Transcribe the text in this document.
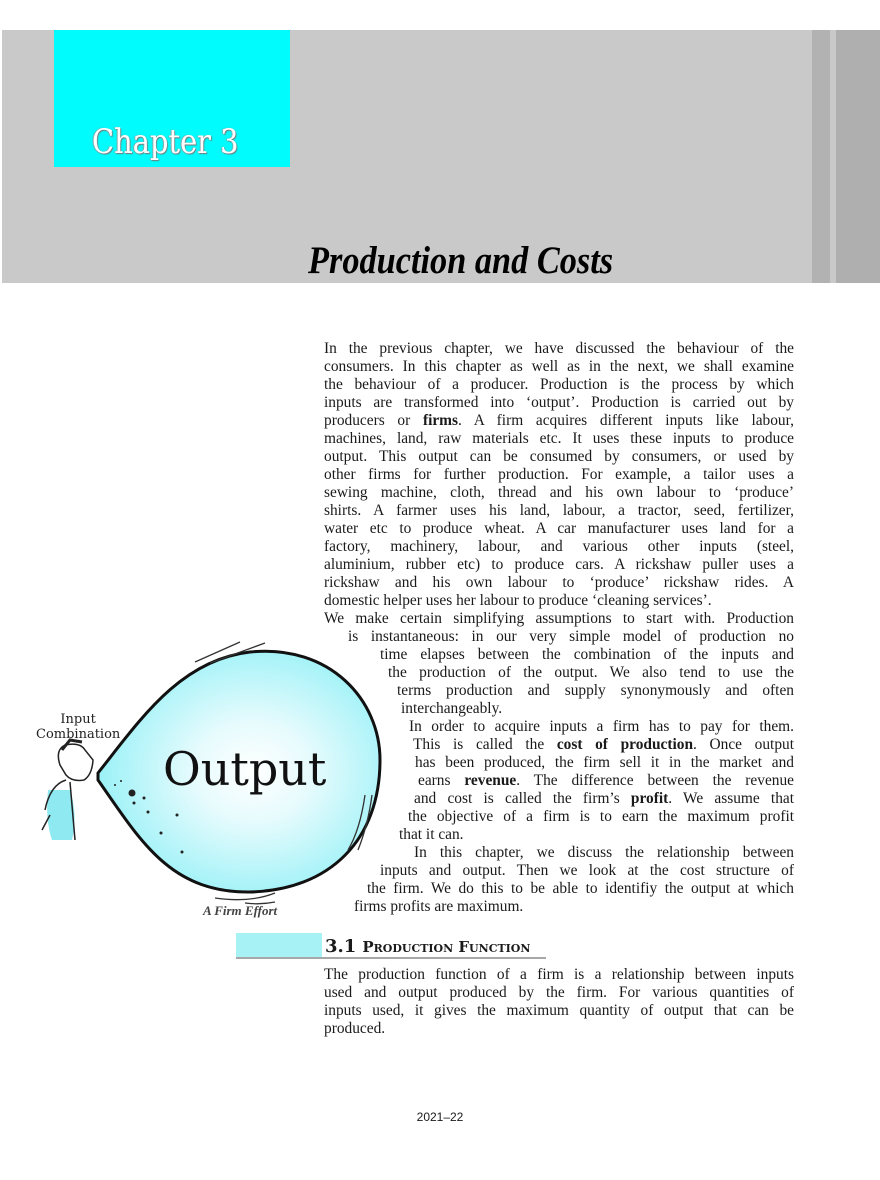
Chapter 3
Production and Costs
Input
Combination
Output
A Firm Effort
In the previous chapter, we have discussed the behaviour of the
consumers. In this chapter as well as in the next, we shall examine
the behaviour of a producer. Production is the process by which
inputs are transformed into ‘output’. Production is carried out by
producers or firms. A firm acquires different inputs like labour,
machines, land, raw materials etc. It uses these inputs to produce
output. This output can be consumed by consumers, or used by
other firms for further production. For example, a tailor uses a
sewing machine, cloth, thread and his own labour to ‘produce’
shirts. A farmer uses his land, labour, a tractor, seed, fertilizer,
water etc to produce wheat. A car manufacturer uses land for a
factory, machinery, labour, and various other inputs (steel,
aluminium, rubber etc) to produce cars. A rickshaw puller uses a
rickshaw and his own labour to ‘produce’ rickshaw rides. A
domestic helper uses her labour to produce ‘cleaning services’.
We make certain simplifying assumptions to start with. Production
is instantaneous: in our very simple model of production no
time elapses between the combination of the inputs and
the production of the output. We also tend to use the
terms production and supply synonymously and often
interchangeably.
In order to acquire inputs a firm has to pay for them.
This is called the cost of production. Once output
has been produced, the firm sell it in the market and
earns revenue. The difference between the revenue
and cost is called the firm’s profit. We assume that
the objective of a firm is to earn the maximum profit
that it can.
In this chapter, we discuss the relationship between
inputs and output. Then we look at the cost structure of
the firm. We do this to be able to identifiy the output at which
firms profits are maximum.
3.1 Production Function
The production function of a firm is a relationship between inputs
used and output produced by the firm. For various quantities of
inputs used, it gives the maximum quantity of output that can be
produced.
2021–22
